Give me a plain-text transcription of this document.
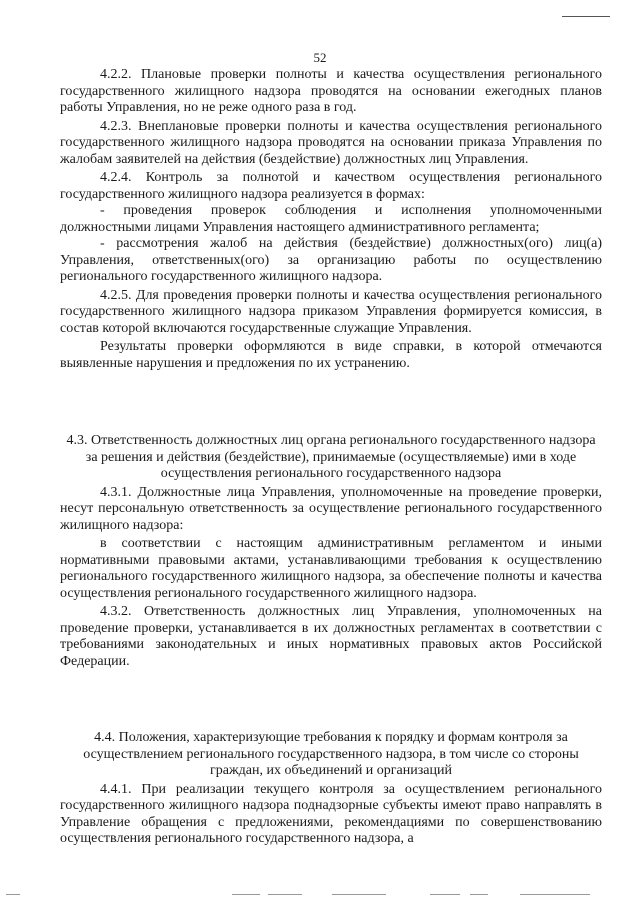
52

4.2.2. Плановые проверки полноты и качества осуществления регионального государственного жилищного надзора проводятся на основании ежегодных планов работы Управления, но не реже одного раза в год.

4.2.3. Внеплановые проверки полноты и качества осуществления регионального государственного жилищного надзора проводятся на основании приказа Управления по жалобам заявителей на действия (бездействие) должностных лиц Управления.

4.2.4. Контроль за полнотой и качеством осуществления регионального государственного жилищного надзора реализуется в формах:

- проведения проверок соблюдения и исполнения уполномоченными должностными лицами Управления настоящего административного регламента;

- рассмотрения жалоб на действия (бездействие) должностных(ого) лиц(а) Управления, ответственных(ого) за организацию работы по осуществлению регионального государственного жилищного надзора.

4.2.5. Для проведения проверки полноты и качества осуществления регионального государственного жилищного надзора приказом Управления формируется комиссия, в состав которой включаются государственные служащие Управления.

Результаты проверки оформляются в виде справки, в которой отмечаются выявленные нарушения и предложения по их устранению.

4.3. Ответственность должностных лиц органа регионального государственного надзора за решения и действия (бездействие), принимаемые (осуществляемые) ими в ходе осуществления регионального государственного надзора

4.3.1. Должностные лица Управления, уполномоченные на проведение проверки, несут персональную ответственность за осуществление регионального государственного жилищного надзора:

в соответствии с настоящим административным регламентом и иными нормативными правовыми актами, устанавливающими требования к осуществлению регионального государственного жилищного надзора, за обеспечение полноты и качества осуществления регионального государственного жилищного надзора.

4.3.2. Ответственность должностных лиц Управления, уполномоченных на проведение проверки, устанавливается в их должностных регламентах в соответствии с требованиями законодательных и иных нормативных правовых актов Российской Федерации.

4.4. Положения, характеризующие требования к порядку и формам контроля за осуществлением регионального государственного надзора, в том числе со стороны граждан, их объединений и организаций

4.4.1. При реализации текущего контроля за осуществлением регионального государственного жилищного надзора поднадзорные субъекты имеют право направлять в Управление обращения с предложениями, рекомендациями по совершенствованию осуществления регионального государственного надзора, а
